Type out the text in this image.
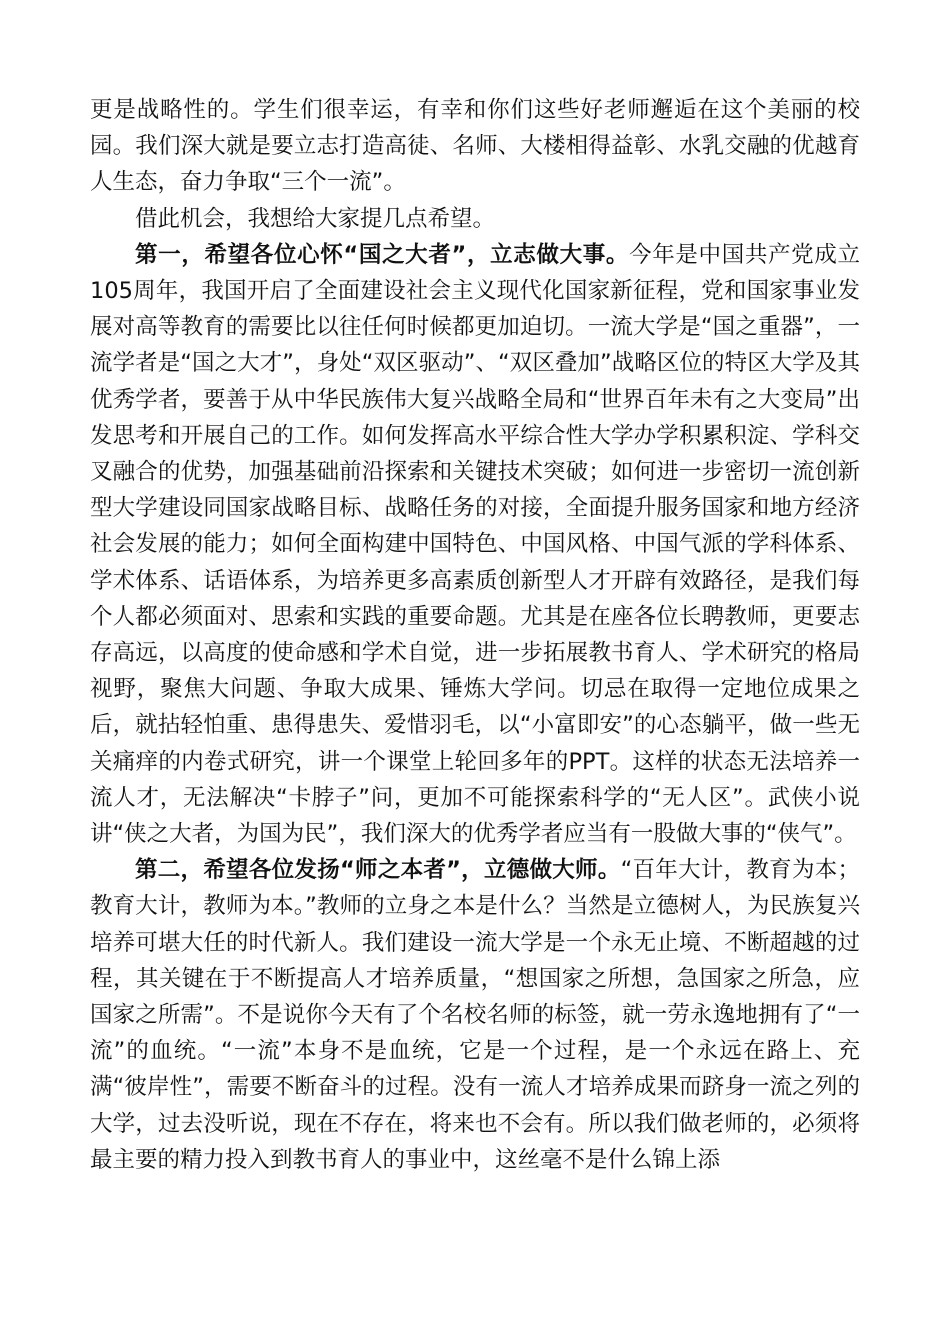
更是战略性的。学生们很幸运，有幸和你们这些好老师邂逅在这个美丽的校园。我们深大就是要立志打造高徒、名师、大楼相得益彰、水乳交融的优越育人生态，奋力争取“三个一流”。

借此机会，我想给大家提几点希望。

第一，希望各位心怀“国之大者”，立志做大事。今年是中国共产党成立105周年，我国开启了全面建设社会主义现代化国家新征程，党和国家事业发展对高等教育的需要比以往任何时候都更加迫切。一流大学是“国之重器”，一流学者是“国之大才”，身处“双区驱动”、“双区叠加”战略区位的特区大学及其优秀学者，要善于从中华民族伟大复兴战略全局和“世界百年未有之大变局”出发思考和开展自己的工作。如何发挥高水平综合性大学办学积累积淀、学科交叉融合的优势，加强基础前沿探索和关键技术突破；如何进一步密切一流创新型大学建设同国家战略目标、战略任务的对接，全面提升服务国家和地方经济社会发展的能力；如何全面构建中国特色、中国风格、中国气派的学科体系、学术体系、话语体系，为培养更多高素质创新型人才开辟有效路径，是我们每个人都必须面对、思索和实践的重要命题。尤其是在座各位长聘教师，更要志存高远，以高度的使命感和学术自觉，进一步拓展教书育人、学术研究的格局视野，聚焦大问题、争取大成果、锤炼大学问。切忌在取得一定地位成果之后，就拈轻怕重、患得患失、爱惜羽毛，以“小富即安”的心态躺平，做一些无关痛痒的内卷式研究，讲一个课堂上轮回多年的PPT。这样的状态无法培养一流人才，无法解决“卡脖子”问，更加不可能探索科学的“无人区”。武侠小说讲“侠之大者，为国为民”，我们深大的优秀学者应当有一股做大事的“侠气”。

第二，希望各位发扬“师之本者”，立德做大师。“百年大计，教育为本；教育大计，教师为本。”教师的立身之本是什么？当然是立德树人，为民族复兴培养可堪大任的时代新人。我们建设一流大学是一个永无止境、不断超越的过程，其关键在于不断提高人才培养质量，“想国家之所想，急国家之所急，应国家之所需”。不是说你今天有了个名校名师的标签，就一劳永逸地拥有了“一流”的血统。“一流”本身不是血统，它是一个过程，是一个永远在路上、充满“彼岸性”，需要不断奋斗的过程。没有一流人才培养成果而跻身一流之列的大学，过去没听说，现在不存在，将来也不会有。所以我们做老师的，必须将最主要的精力投入到教书育人的事业中，这丝毫不是什么锦上添
